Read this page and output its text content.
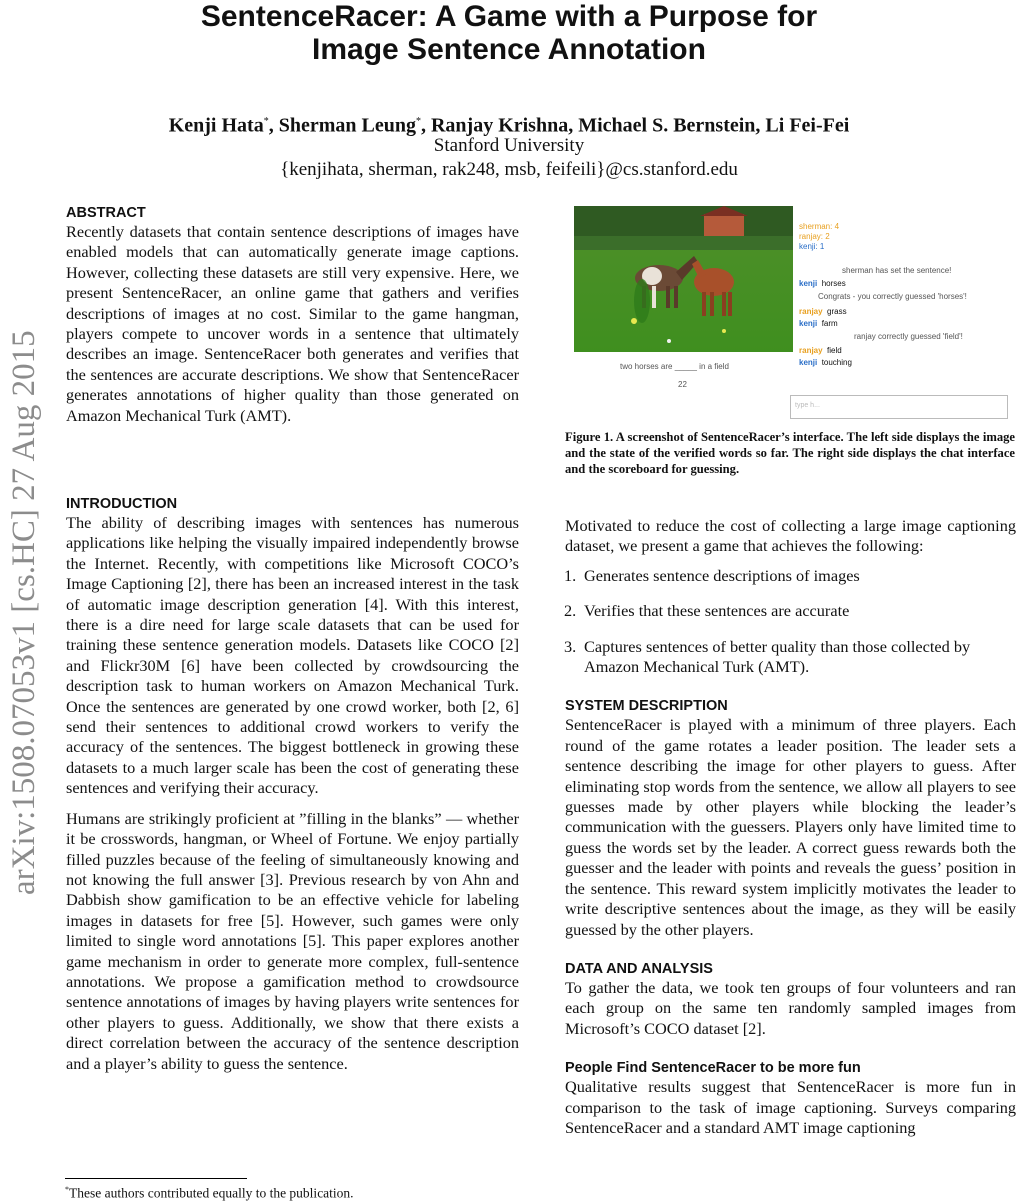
SentenceRacer: A Game with a Purpose for
Image Sentence Annotation
Kenji Hata*, Sherman Leung*, Ranjay Krishna, Michael S. Bernstein, Li Fei-Fei
Stanford University
{kenjihata, sherman, rak248, msb, feifeili}@cs.stanford.edu
arXiv:1508.07053v1 [cs.HC] 27 Aug 2015
ABSTRACT

Recently datasets that contain sentence descriptions of images have enabled models that can automatically generate image captions. However, collecting these datasets are still very expensive. Here, we present SentenceRacer, an online game that gathers and verifies descriptions of images at no cost. Similar to the game hangman, players compete to uncover words in a sentence that ultimately describes an image. SentenceRacer both generates and verifies that the sentences are accurate descriptions. We show that SentenceRacer generates annotations of higher quality than those generated on Amazon Mechanical Turk (AMT).

INTRODUCTION

The ability of describing images with sentences has numerous applications like helping the visually impaired independently browse the Internet. Recently, with competitions like Microsoft COCO’s Image Captioning [2], there has been an increased interest in the task of automatic image description generation [4]. With this interest, there is a dire need for large scale datasets that can be used for training these sentence generation models. Datasets like COCO [2] and Flickr30M [6] have been collected by crowdsourcing the description task to human workers on Amazon Mechanical Turk. Once the sentences are generated by one crowd worker, both [2, 6] send their sentences to additional crowd workers to verify the accuracy of the sentences. The biggest bottleneck in growing these datasets to a much larger scale has been the cost of generating these sentences and verifying their accuracy.

Humans are strikingly proficient at ”filling in the blanks” — whether it be crosswords, hangman, or Wheel of Fortune. We enjoy partially filled puzzles because of the feeling of simultaneously knowing and not knowing the full answer [3]. Previous research by von Ahn and Dabbish show gamification to be an effective vehicle for labeling images in datasets for free [5]. However, such games were only limited to single word annotations [5]. This paper explores another game mechanism in order to generate more complex, full-sentence annotations. We propose a gamification method to crowdsource sentence annotations of images by having players write sentences for other players to guess. Additionally, we show that there exists a direct correlation between the accuracy of the sentence description and a player’s ability to guess the sentence.

sherman: 4
ranjay: 2
kenji: 1
sherman has set the sentence!
kenji horses
Congrats - you correctly guessed 'horses'!
ranjay grass
kenji farm
ranjay correctly guessed 'field'!
ranjay field
kenji touching
two horses are _____ in a field
22
type h...
Figure 1. A screenshot of SentenceRacer’s interface. The left side displays the image and the state of the verified words so far. The right side displays the chat interface and the scoreboard for guessing.

Motivated to reduce the cost of collecting a large image captioning dataset, we present a game that achieves the following:

1. Generates sentence descriptions of images
2. Verifies that these sentences are accurate
3. Captures sentences of better quality than those collected by Amazon Mechanical Turk (AMT).
SYSTEM DESCRIPTION

SentenceRacer is played with a minimum of three players. Each round of the game rotates a leader position. The leader sets a sentence describing the image for other players to guess. After eliminating stop words from the sentence, we allow all players to see guesses made by other players while blocking the leader’s communication with the guessers. Players only have limited time to guess the words set by the leader. A correct guess rewards both the guesser and the leader with points and reveals the guess’ position in the sentence. This reward system implicitly motivates the leader to write descriptive sentences about the image, as they will be easily guessed by the other players.

DATA AND ANALYSIS

To gather the data, we took ten groups of four volunteers and ran each group on the same ten randomly sampled images from Microsoft’s COCO dataset [2].

People Find SentenceRacer to be more fun

Qualitative results suggest that SentenceRacer is more fun in comparison to the task of image captioning. Surveys comparing SentenceRacer and a standard AMT image captioning

*These authors contributed equally to the publication.
